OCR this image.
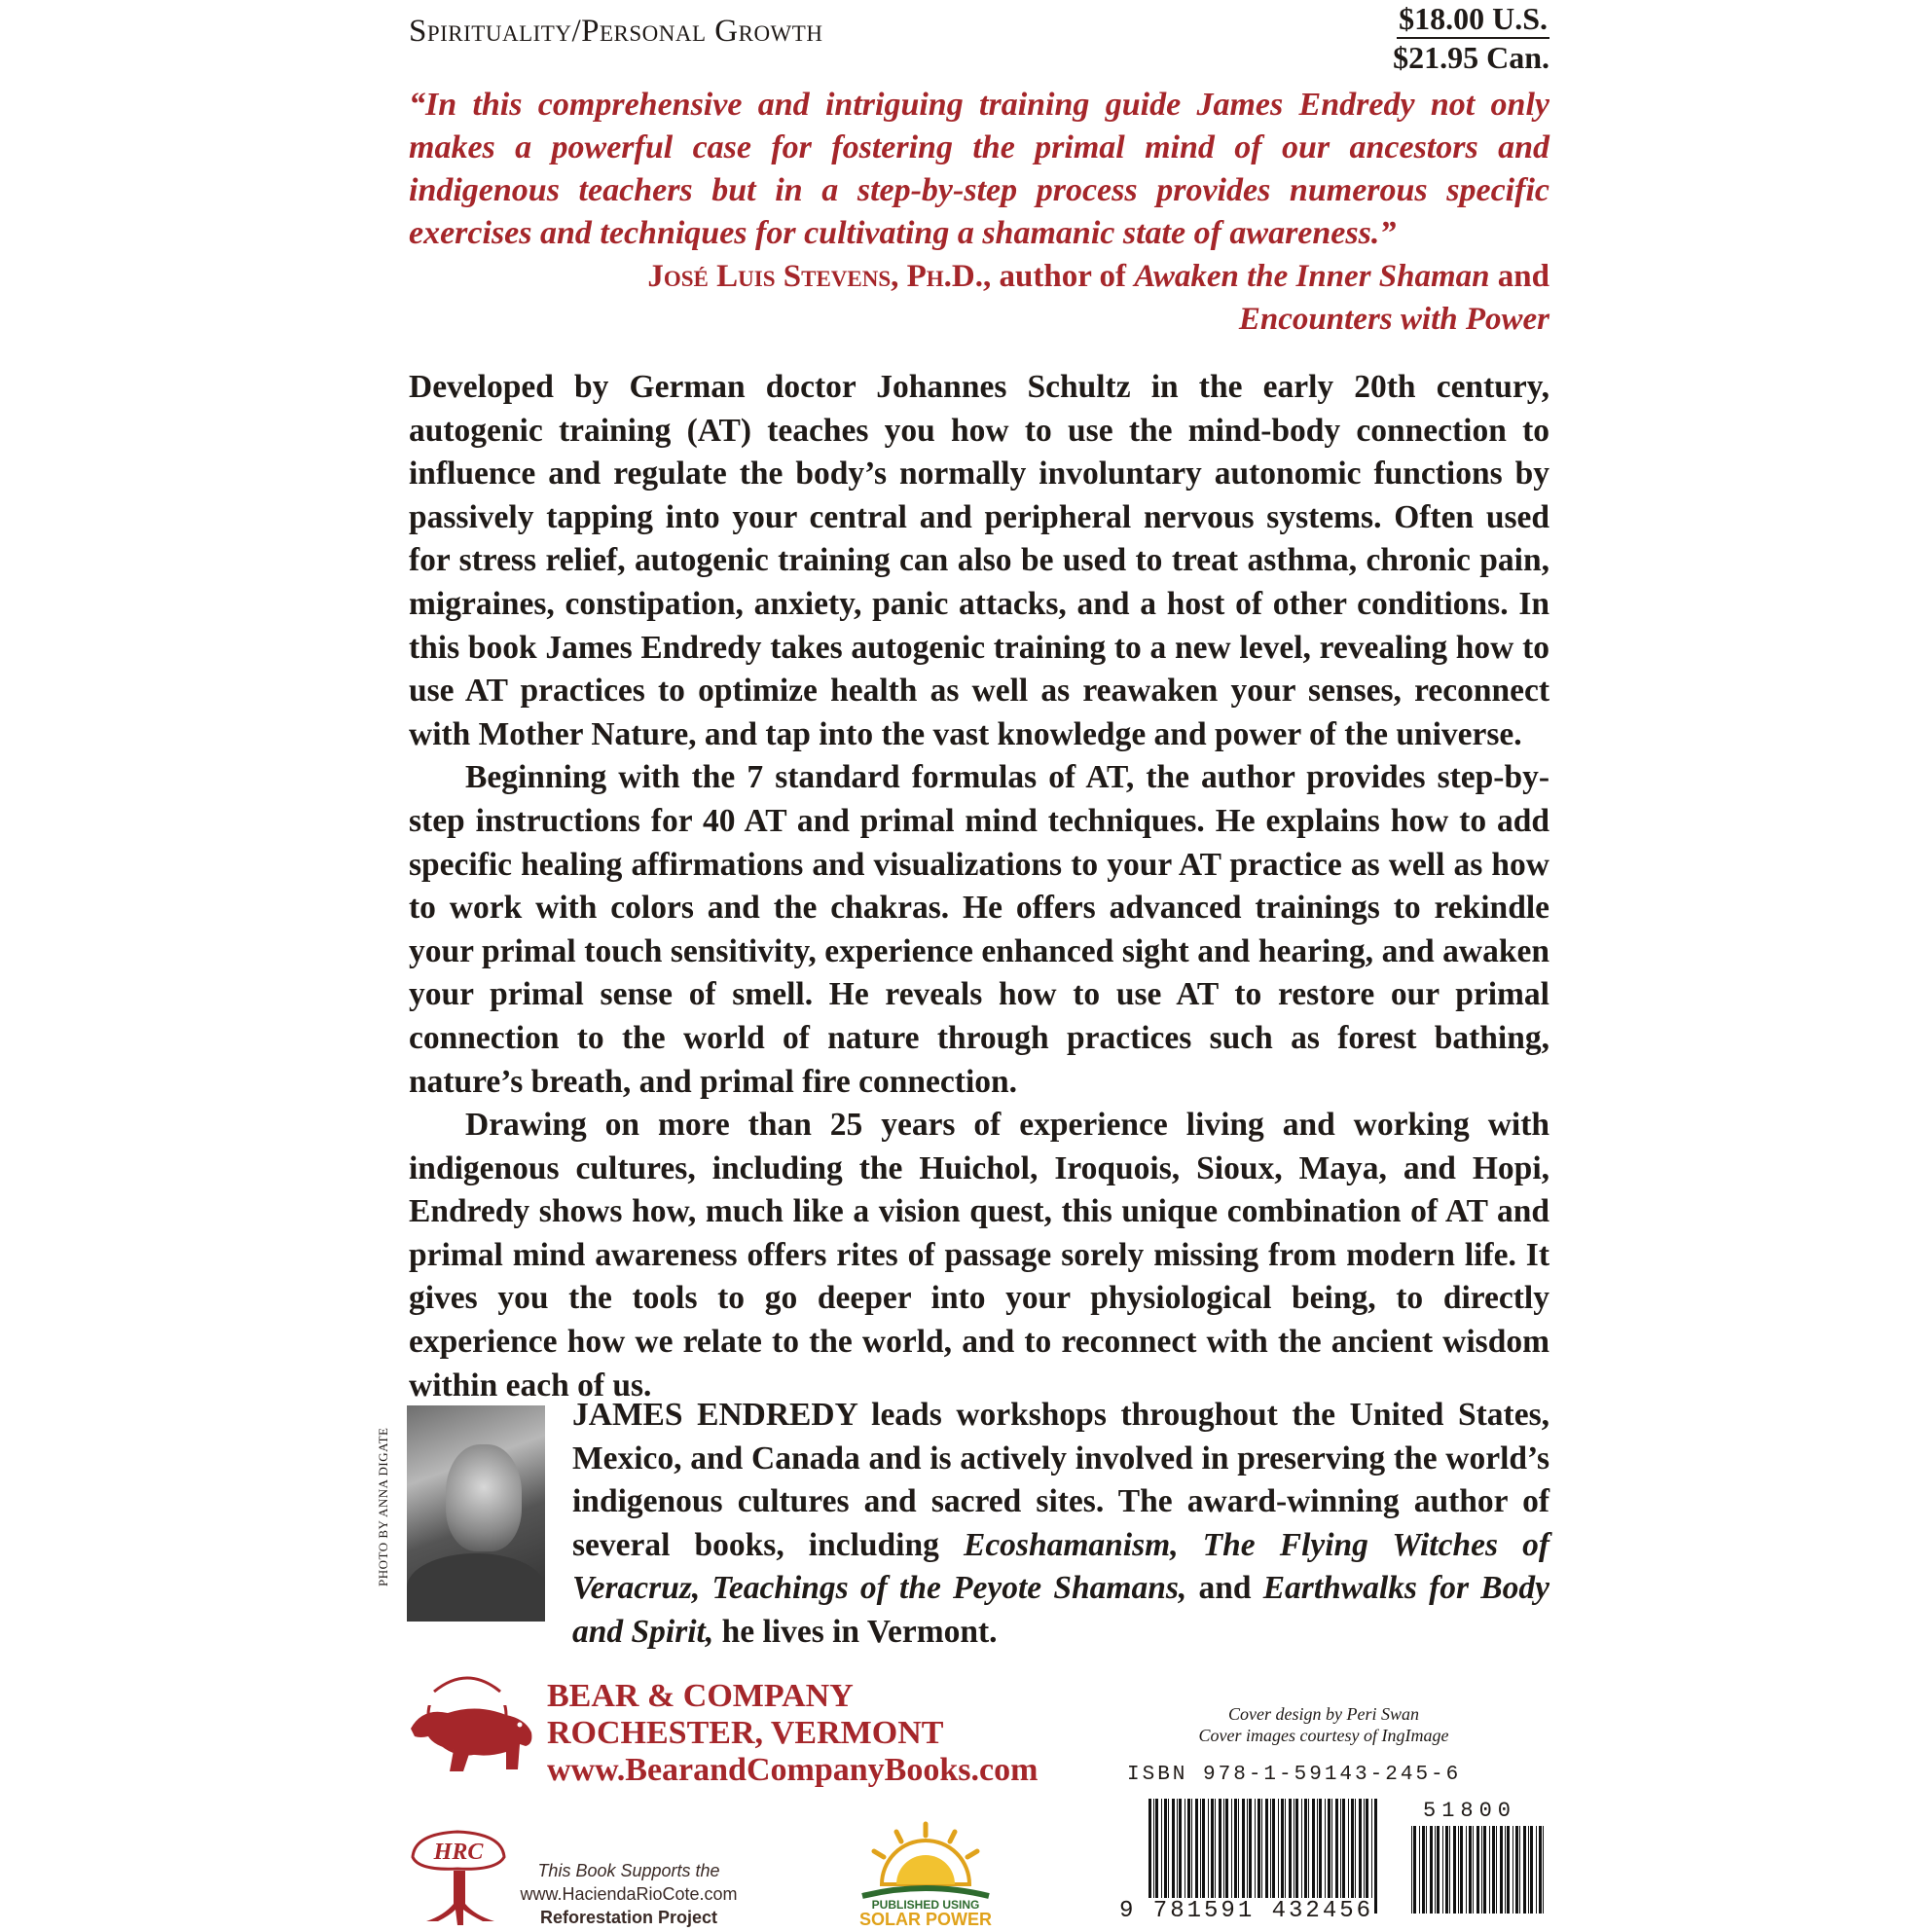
Spirituality/Personal Growth	$18.00 U.S.
$21.95 Can.
“In this comprehensive and intriguing training guide James Endredy not only makes a powerful case for fostering the primal mind of our ancestors and indigenous teachers but in a step-by-step process provides numerous specific exercises and techniques for cultivating a shamanic state of awareness.”
José Luis Stevens, Ph.D., author of Awaken the Inner Shaman and
Encounters with Power

Developed by German doctor Johannes Schultz in the early 20th century, autogenic training (AT) teaches you how to use the mind-body connection to influence and regulate the body’s normally involuntary autonomic functions by passively tapping into your central and peripheral nervous systems. Often used for stress relief, autogenic training can also be used to treat asthma, chronic pain, migraines, constipation, anxiety, panic attacks, and a host of other conditions. In this book James Endredy takes autogenic training to a new level, revealing how to use AT practices to optimize health as well as reawaken your senses, reconnect with Mother Nature, and tap into the vast knowledge and power of the universe.

Beginning with the 7 standard formulas of AT, the author provides step-by-step instructions for 40 AT and primal mind techniques. He explains how to add specific healing affirmations and visualizations to your AT practice as well as how to work with colors and the chakras. He offers advanced trainings to rekindle your primal touch sensitivity, experience enhanced sight and hearing, and awaken your primal sense of smell. He reveals how to use AT to restore our primal connection to the world of nature through practices such as forest bathing, nature’s breath, and primal fire connection.

Drawing on more than 25 years of experience living and working with indigenous cultures, including the Huichol, Iroquois, Sioux, Maya, and Hopi, Endredy shows how, much like a vision quest, this unique combination of AT and primal mind awareness offers rites of passage sorely missing from modern life. It gives you the tools to go deeper into your physiological being, to directly experience how we relate to the world, and to reconnect with the ancient wisdom within each of us.

PHOTO BY ANNA DIGATE
JAMES ENDREDY leads workshops throughout the United States, Mexico, and Canada and is actively involved in preserving the world’s indigenous cultures and sacred sites. The award-winning author of several books, including Ecoshamanism, The Flying Witches of Veracruz, Teachings of the Peyote Shamans, and Earthwalks for Body and Spirit, he lives in Vermont.
BEAR & COMPANY
ROCHESTER, VERMONT
www.BearandCompanyBooks.com
Cover design by Peri Swan
Cover images courtesy of IngImage
ISBN 978-1-59143-245-6
51800
9 781591 432456
HRC
This Book Supports the
www.HaciendaRioCote.com
Reforestation Project
PUBLISHED USING
SOLAR POWER
